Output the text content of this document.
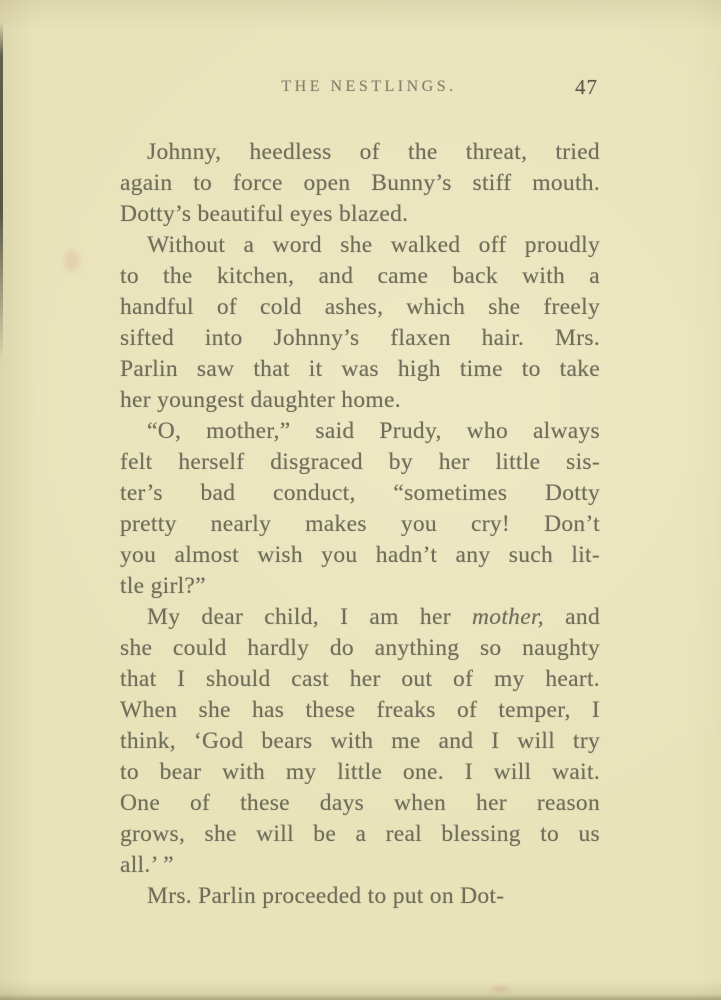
THE NESTLINGS.	47
Johnny, heedless of the threat, tried
again to force open Bunny’s stiff mouth.
Dotty’s beautiful eyes blazed.
Without a word she walked off proudly
to the kitchen, and came back with a
handful of cold ashes, which she freely
sifted into Johnny’s flaxen hair. Mrs.
Parlin saw that it was high time to take
her youngest daughter home.
“O, mother,” said Prudy, who always
felt herself disgraced by her little sis-
ter’s bad conduct, “sometimes Dotty
pretty nearly makes you cry! Don’t
you almost wish you hadn’t any such lit-
tle girl?”
My dear child, I am her mother, and
she could hardly do anything so naughty
that I should cast her out of my heart.
When she has these freaks of temper, I
think, ‘God bears with me and I will try
to bear with my little one. I will wait.
One of these days when her reason
grows, she will be a real blessing to us
all.’ ”
Mrs. Parlin proceeded to put on Dot-
